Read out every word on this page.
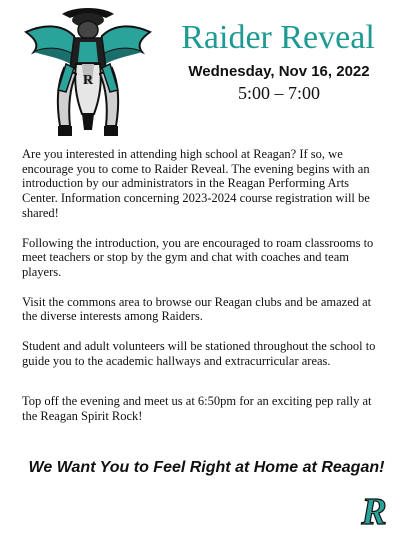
R
Raider Reveal
Wednesday, Nov 16, 2022
5:00 – 7:00

Are you interested in attending high school at Reagan? If so, we encourage you to come to Raider Reveal. The evening begins with an introduction by our administrators in the Reagan Performing Arts Center. Information concerning 2023-2024 course registration will be shared!

Following the introduction, you are encouraged to roam classrooms to meet teachers or stop by the gym and chat with coaches and team players.

Visit the commons area to browse our Reagan clubs and be amazed at the diverse interests among Raiders.

Student and adult volunteers will be stationed throughout the school to guide you to the academic hallways and extracurricular areas.

Top off the evening and meet us at 6:50pm for an exciting pep rally at the Reagan Spirit Rock!

We Want You to Feel Right at Home at Reagan!
R
